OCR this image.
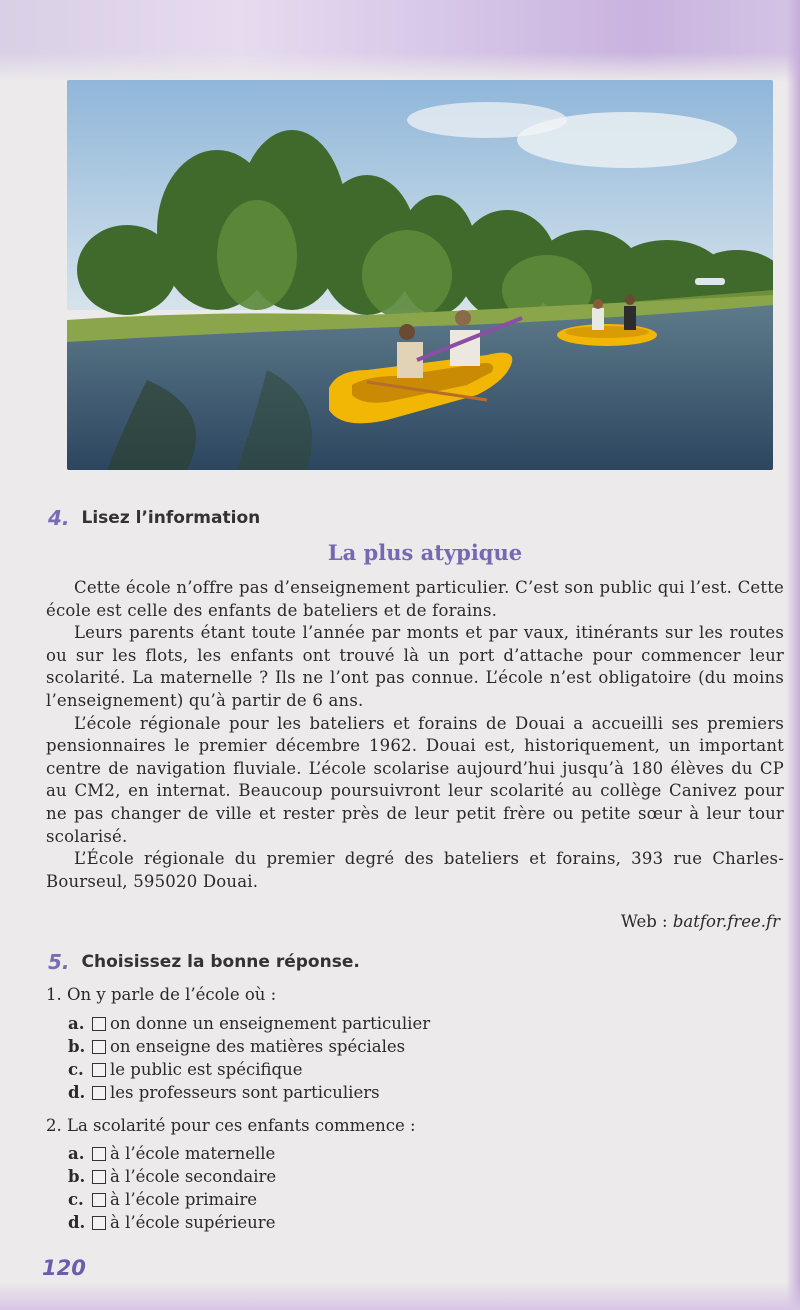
4. Lisez l’information
La plus atypique

Cette école n’offre pas d’enseignement particulier. C’est son public qui l’est. Cette école est celle des enfants de bateliers et de forains.

Leurs parents étant toute l’année par monts et par vaux, itinérants sur les routes ou sur les flots, les enfants ont trouvé là un port d’attache pour commencer leur scolarité. La maternelle ? Ils ne l’ont pas connue. L’école n’est obligatoire (du moins l’enseignement) qu’à partir de 6 ans.

L’école régionale pour les bateliers et forains de Douai a accueilli ses premiers pensionnaires le premier décembre 1962. Douai est, historiquement, un important centre de navigation fluviale. L’école scolarise aujourd’hui jusqu’à 180 élèves du CP au CM2, en internat. Beaucoup poursuivront leur scolarité au collège Canivez pour ne pas changer de ville et rester près de leur petit frère ou petite sœur à leur tour scolarisé.

L’École régionale du premier degré des bateliers et forains, 393 rue Charles-Bourseul, 595020 Douai.

Web : batfor.free.fr
5. Choisissez la bonne réponse.
1. On y parle de l’école où :
a.	on donne un enseignement particulier
b.	on enseigne des matières spéciales
c.	le public est spécifique
d.	les professeurs sont particuliers
2. La scolarité pour ces enfants commence :
a.	à l’école maternelle
b.	à l’école secondaire
c.	à l’école primaire
d.	à l’école supérieure
120
